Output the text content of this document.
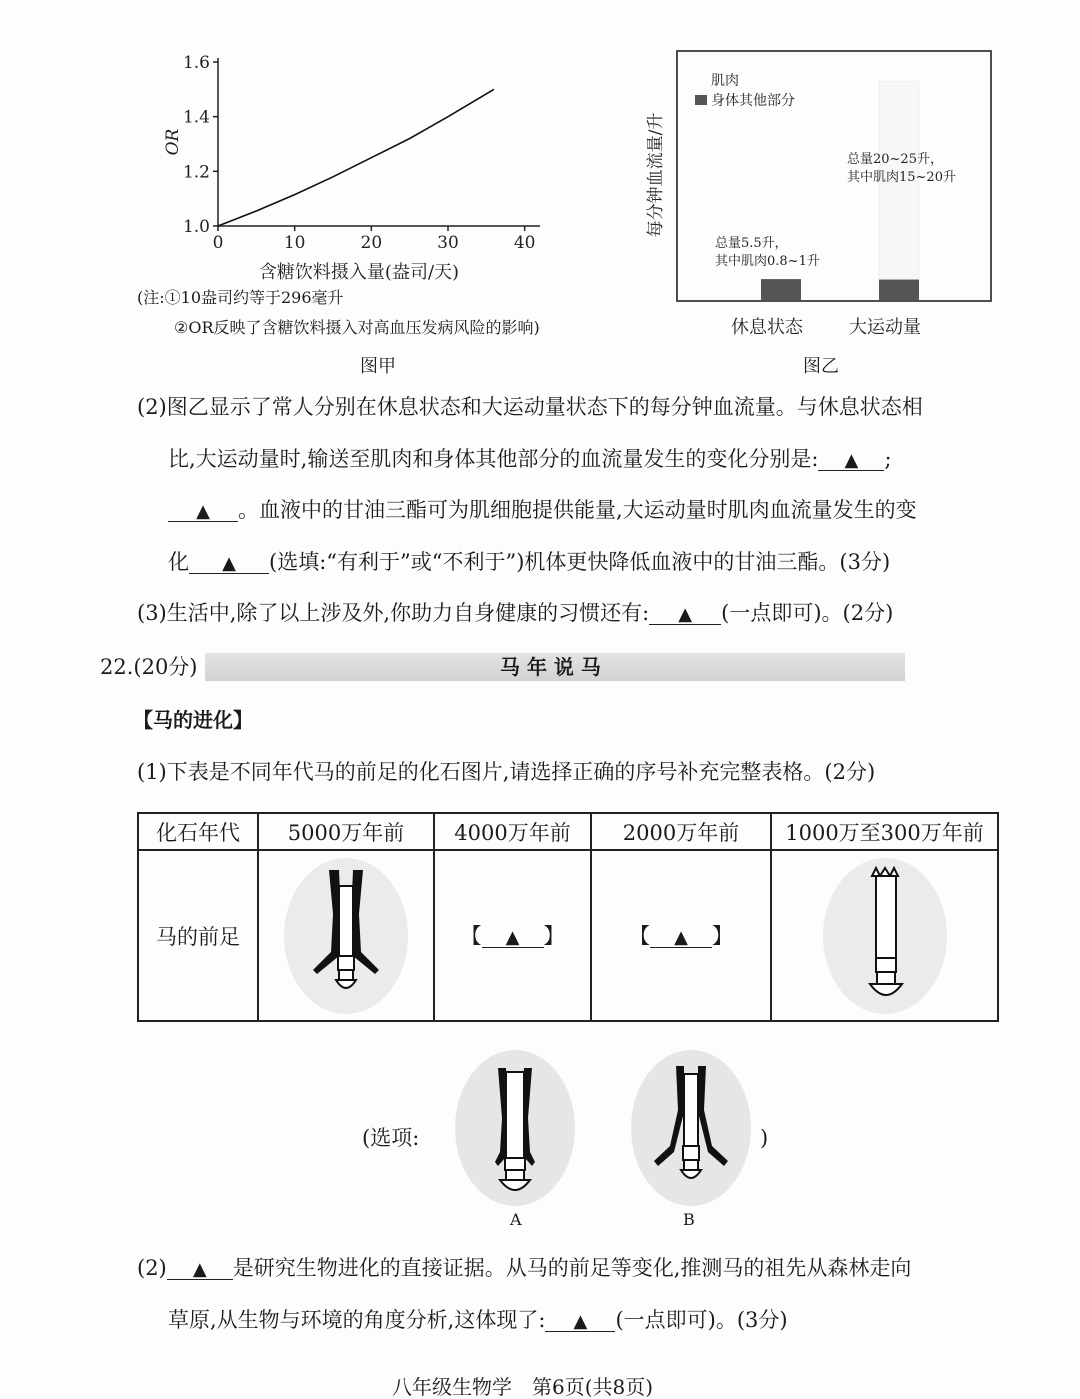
1.0
1.2
1.4
1.6
0	10	20	30	40
OR
含糖饮料摄入量(盎司/天)
休息状态	大运动量
肌肉
身体其他部分
总量5.5升，
其中肌肉0.8~1升
总量20~25升，
其中肌肉15~20升
每分钟血流量/升
(注:①10盎司约等于296毫升
②OR反映了含糖饮料摄入对高血压发病风险的影响)
图甲	图乙
(2)图乙显示了常人分别在休息状态和大运动量状态下的每分钟血流量。与休息状态相
比,大运动量时,输送至肌肉和身体其他部分的血流量发生的变化分别是: ▲ ;
▲ 。血液中的甘油三酯可为肌细胞提供能量,大运动量时肌肉血流量发生的变
化 ▲ (选填:“有利于”或“不利于”)机体更快降低血液中的甘油三酯。(3分)
(3)生活中,除了以上涉及外,你助力自身健康的习惯还有: ▲ (一点即可)。(2分)
22.(20分)	马 年 说 马
【马的进化】
(1)下表是不同年代马的前足的化石图片,请选择正确的序号补充完整表格。(2分)
化石年代	5000万年前	4000万年前	2000万年前	1000万至300万年前
马的前足		【 ▲ 】	【 ▲ 】	
(选项:	)
A	B
(2) ▲ 是研究生物进化的直接证据。从马的前足等变化,推测马的祖先从森林走向
草原,从生物与环境的角度分析,这体现了: ▲ (一点即可)。(3分)
八年级生物学　第6页(共8页)
